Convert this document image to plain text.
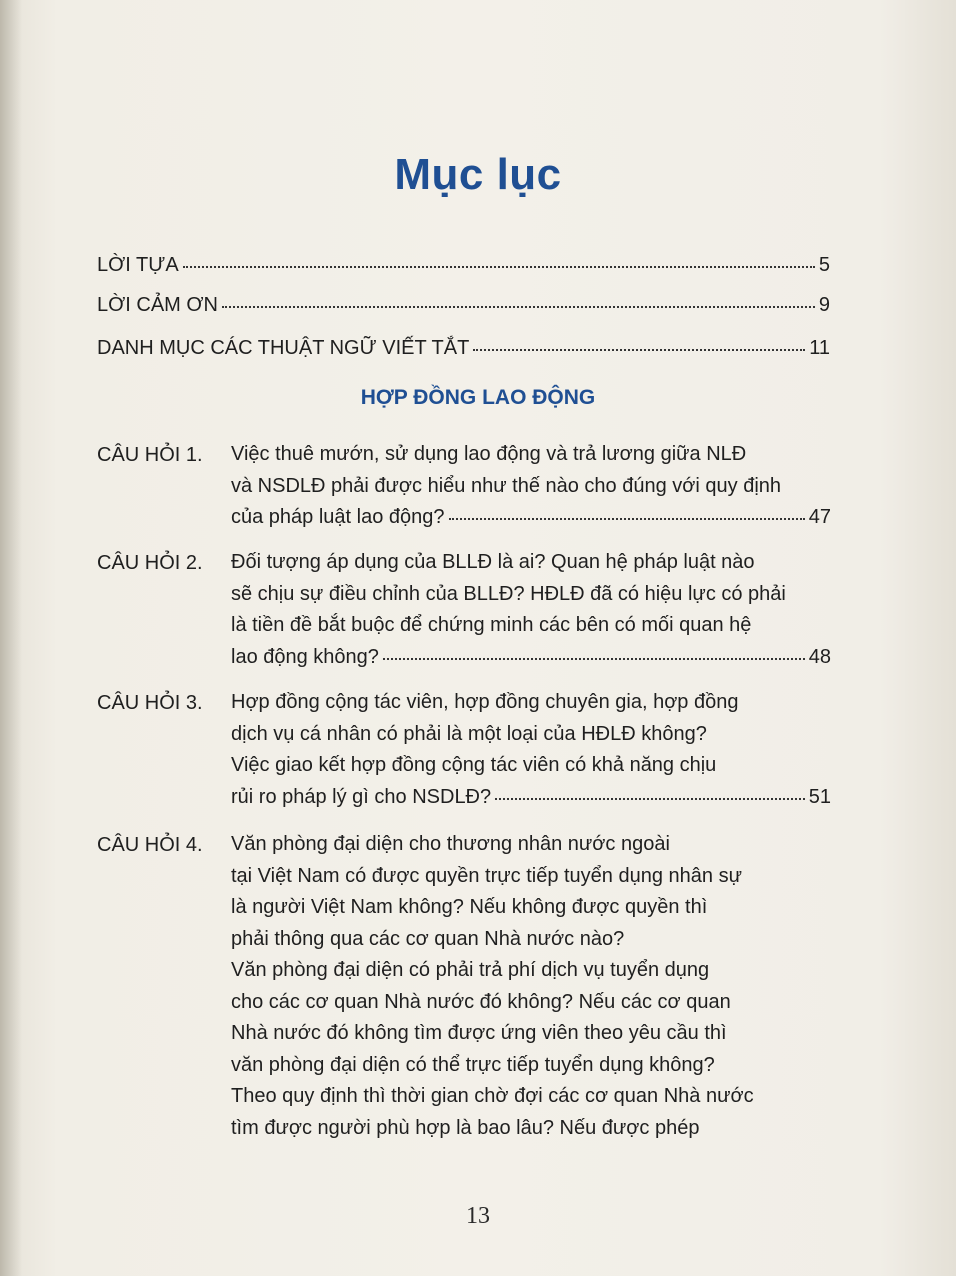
Mục lục
LỜI TỰA	5
LỜI CẢM ƠN	9
DANH MỤC CÁC THUẬT NGỮ VIẾT TẮT	11
HỢP ĐỒNG LAO ĐỘNG
CÂU HỎI 1. Việc thuê mướn, sử dụng lao động và trả lương giữa NLĐ
và NSDLĐ phải được hiểu như thế nào cho đúng với quy định
của pháp luật lao động?	47
CÂU HỎI 2. Đối tượng áp dụng của BLLĐ là ai? Quan hệ pháp luật nào
sẽ chịu sự điều chỉnh của BLLĐ? HĐLĐ đã có hiệu lực có phải
là tiền đề bắt buộc để chứng minh các bên có mối quan hệ
lao động không?	48
CÂU HỎI 3. Hợp đồng cộng tác viên, hợp đồng chuyên gia, hợp đồng
dịch vụ cá nhân có phải là một loại của HĐLĐ không?
Việc giao kết hợp đồng cộng tác viên có khả năng chịu
rủi ro pháp lý gì cho NSDLĐ?	51
CÂU HỎI 4. Văn phòng đại diện cho thương nhân nước ngoài
tại Việt Nam có được quyền trực tiếp tuyển dụng nhân sự
là người Việt Nam không? Nếu không được quyền thì
phải thông qua các cơ quan Nhà nước nào?
Văn phòng đại diện có phải trả phí dịch vụ tuyển dụng
cho các cơ quan Nhà nước đó không? Nếu các cơ quan
Nhà nước đó không tìm được ứng viên theo yêu cầu thì
văn phòng đại diện có thể trực tiếp tuyển dụng không?
Theo quy định thì thời gian chờ đợi các cơ quan Nhà nước
tìm được người phù hợp là bao lâu? Nếu được phép
13
